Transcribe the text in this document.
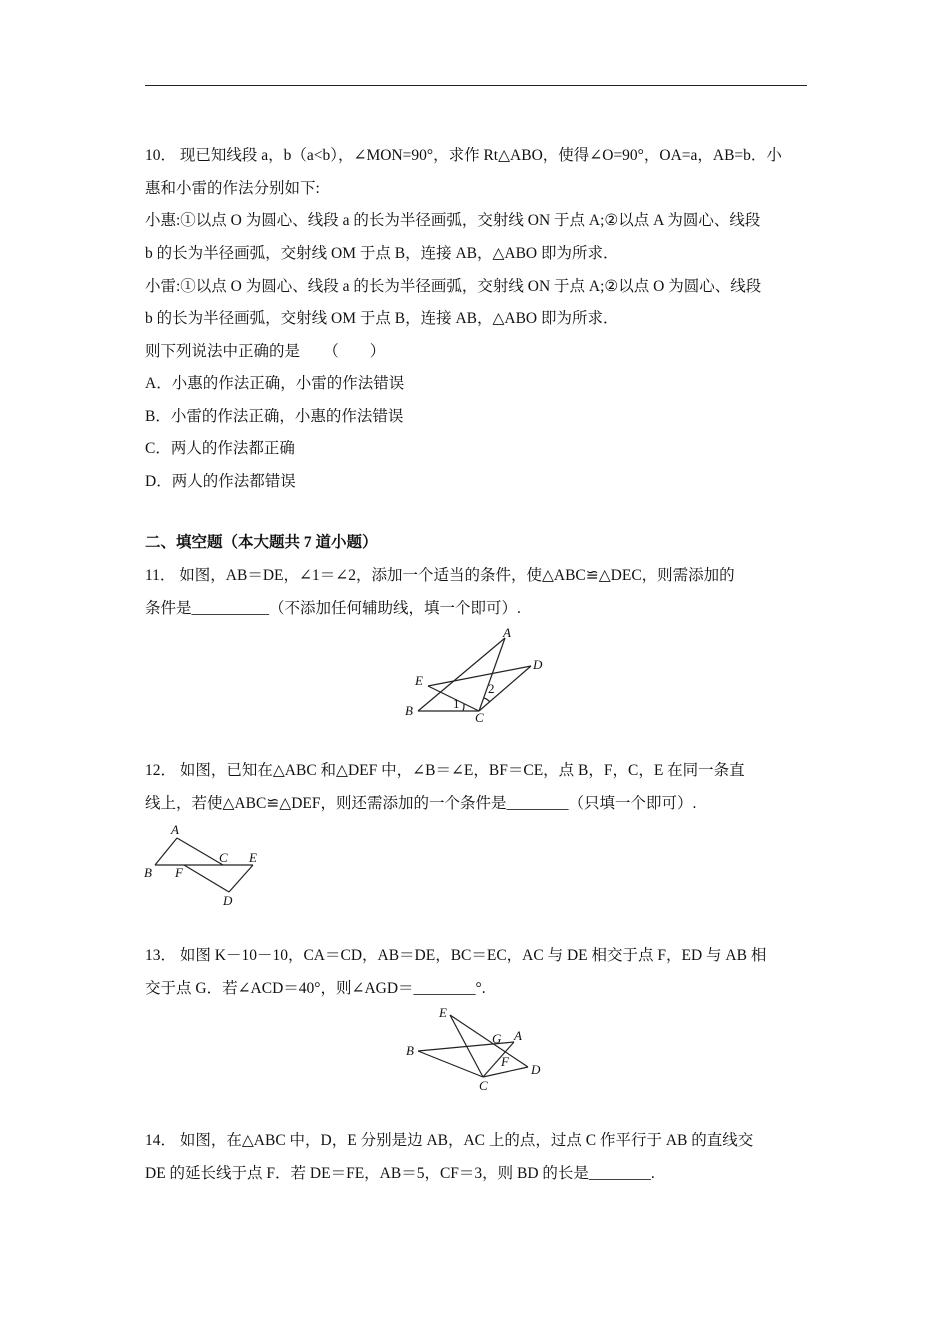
10． 现已知线段 a，b（a<b），∠MON=90°，求作 Rt△ABO，使得∠O=90°，OA=a，AB=b．小
惠和小雷的作法分别如下:
小惠:①以点 O 为圆心、线段 a 的长为半径画弧，交射线 ON 于点 A;②以点 A 为圆心、线段
b 的长为半径画弧，交射线 OM 于点 B，连接 AB，△ABO 即为所求．
小雷:①以点 O 为圆心、线段 a 的长为半径画弧，交射线 ON 于点 A;②以点 O 为圆心、线段
b 的长为半径画弧，交射线 OM 于点 B，连接 AB，△ABO 即为所求．
则下列说法中正确的是　　（　　）
A．小惠的作法正确，小雷的作法错误
B．小雷的作法正确，小惠的作法错误
C．两人的作法都正确
D．两人的作法都错误
二、填空题（本大题共 7 道小题）
11． 如图，AB＝DE，∠1＝∠2，添加一个适当的条件，使△ABC≌△DEC，则需添加的
条件是__________（不添加任何辅助线，填一个即可）.
A
D
E
B	C
1
2
12． 如图，已知在△ABC 和△DEF 中，∠B＝∠E，BF＝CE，点 B，F，C，E 在同一条直
线上，若使△ABC≌△DEF，则还需添加的一个条件是________（只填一个即可）.
A
B F
C E
D
13． 如图 K－10－10，CA＝CD，AB＝DE，BC＝EC，AC 与 DE 相交于点 F，ED 与 AB 相
交于点 G．若∠ACD＝40°，则∠AGD＝________°.
E
G A
B
F
D
C
14． 如图，在△ABC 中，D，E 分别是边 AB，AC 上的点，过点 C 作平行于 AB 的直线交
DE 的延长线于点 F．若 DE＝FE，AB＝5，CF＝3，则 BD 的长是________.
